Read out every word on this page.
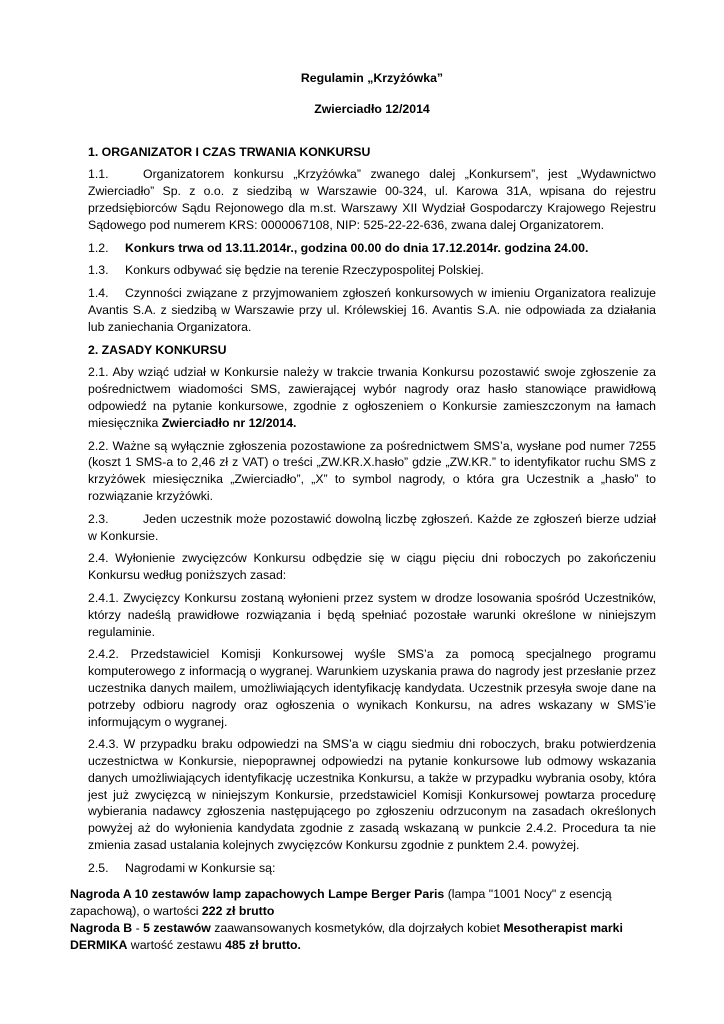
Regulamin „Krzyżówka”
Zwierciadło 12/2014
1. ORGANIZATOR I CZAS TRWANIA KONKURSU

1.1.	Organizatorem konkursu „Krzyżówka” zwanego dalej „Konkursem”, jest „Wydawnictwo Zwierciadło” Sp. z o.o. z siedzibą w Warszawie 00-324, ul. Karowa 31A, wpisana do rejestru przedsiębiorców Sądu Rejonowego dla m.st. Warszawy XII Wydział Gospodarczy Krajowego Rejestru Sądowego pod numerem KRS: 0000067108, NIP: 525-22-22-636, zwana dalej Organizatorem.

1.2. Konkurs trwa od 13.11.2014r., godzina 00.00 do dnia 17.12.2014r. godzina 24.00.

1.3. Konkurs odbywać się będzie na terenie Rzeczypospolitej Polskiej.

1.4. Czynności związane z przyjmowaniem zgłoszeń konkursowych w imieniu Organizatora realizuje Avantis S.A. z siedzibą w Warszawie przy ul. Królewskiej 16. Avantis S.A. nie odpowiada za działania lub zaniechania Organizatora.

2. ZASADY KONKURSU

2.1. Aby wziąć udział w Konkursie należy w trakcie trwania Konkursu pozostawić swoje zgłoszenie za pośrednictwem wiadomości SMS, zawierającej wybór nagrody oraz hasło stanowiące prawidłową odpowiedź na pytanie konkursowe, zgodnie z ogłoszeniem o Konkursie zamieszczonym na łamach miesięcznika Zwierciadło nr 12/2014.

2.2. Ważne są wyłącznie zgłoszenia pozostawione za pośrednictwem SMS’a, wysłane pod numer 7255 (koszt 1 SMS-a to 2,46 zł z VAT) o treści „ZW.KR.X.hasło” gdzie „ZW.KR.” to identyfikator ruchu SMS z krzyżówek miesięcznika „Zwierciadło”, „X” to symbol nagrody, o która gra Uczestnik a „hasło” to rozwiązanie krzyżówki.

2.3.	Jeden uczestnik może pozostawić dowolną liczbę zgłoszeń. Każde ze zgłoszeń bierze udział w Konkursie.

2.4. Wyłonienie zwycięzców Konkursu odbędzie się w ciągu pięciu dni roboczych po zakończeniu Konkursu według poniższych zasad:

2.4.1. Zwycięzcy Konkursu zostaną wyłonieni przez system w drodze losowania spośród Uczestników, którzy nadeślą prawidłowe rozwiązania i będą spełniać pozostałe warunki określone w niniejszym regulaminie.

2.4.2. Przedstawiciel Komisji Konkursowej wyśle SMS’a za pomocą specjalnego programu komputerowego z informacją o wygranej. Warunkiem uzyskania prawa do nagrody jest przesłanie przez uczestnika danych mailem, umożliwiających identyfikację kandydata. Uczestnik przesyła swoje dane na potrzeby odbioru nagrody oraz ogłoszenia o wynikach Konkursu, na adres wskazany w SMS’ie informującym o wygranej.

2.4.3. W przypadku braku odpowiedzi na SMS’a w ciągu siedmiu dni roboczych, braku potwierdzenia uczestnictwa w Konkursie, niepoprawnej odpowiedzi na pytanie konkursowe lub odmowy wskazania danych umożliwiających identyfikację uczestnika Konkursu, a także w przypadku wybrania osoby, która jest już zwycięzcą w niniejszym Konkursie, przedstawiciel Komisji Konkursowej powtarza procedurę wybierania nadawcy zgłoszenia następującego po zgłoszeniu odrzuconym na zasadach określonych powyżej aż do wyłonienia kandydata zgodnie z zasadą wskazaną w punkcie 2.4.2. Procedura ta nie zmienia zasad ustalania kolejnych zwycięzców Konkursu zgodnie z punktem 2.4. powyżej.

2.5. Nagrodami w Konkursie są:

Nagroda A 10 zestawów lamp zapachowych Lampe Berger Paris (lampa "1001 Nocy" z esencją zapachową), o wartości 222 zł brutto

Nagroda B - 5 zestawów zaawansowanych kosmetyków, dla dojrzałych kobiet Mesotherapist marki DERMIKA wartość zestawu 485 zł brutto.
